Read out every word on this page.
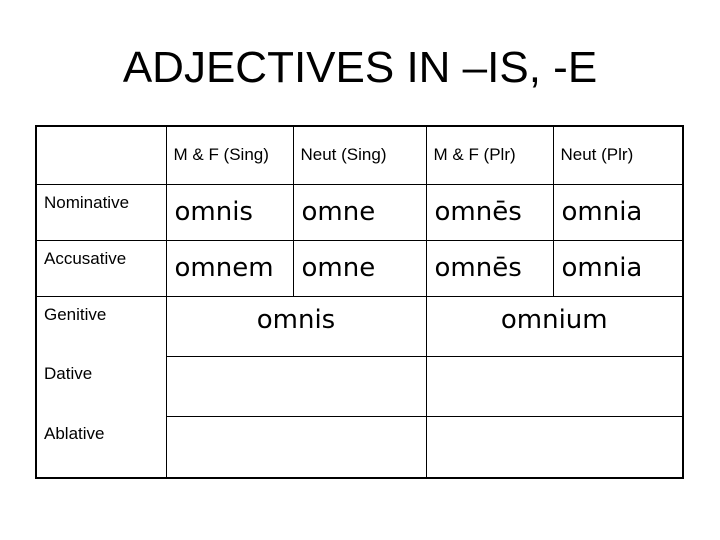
ADJECTIVES IN –IS, -E
	M & F (Sing)	Neut (Sing)	M & F (Plr)	Neut (Plr)
Nominative	omnis	omne	omnēs	omnia
Accusative	omnem	omne	omnēs	omnia
Genitive	omnis		omnium	
Dative				
Ablative				
